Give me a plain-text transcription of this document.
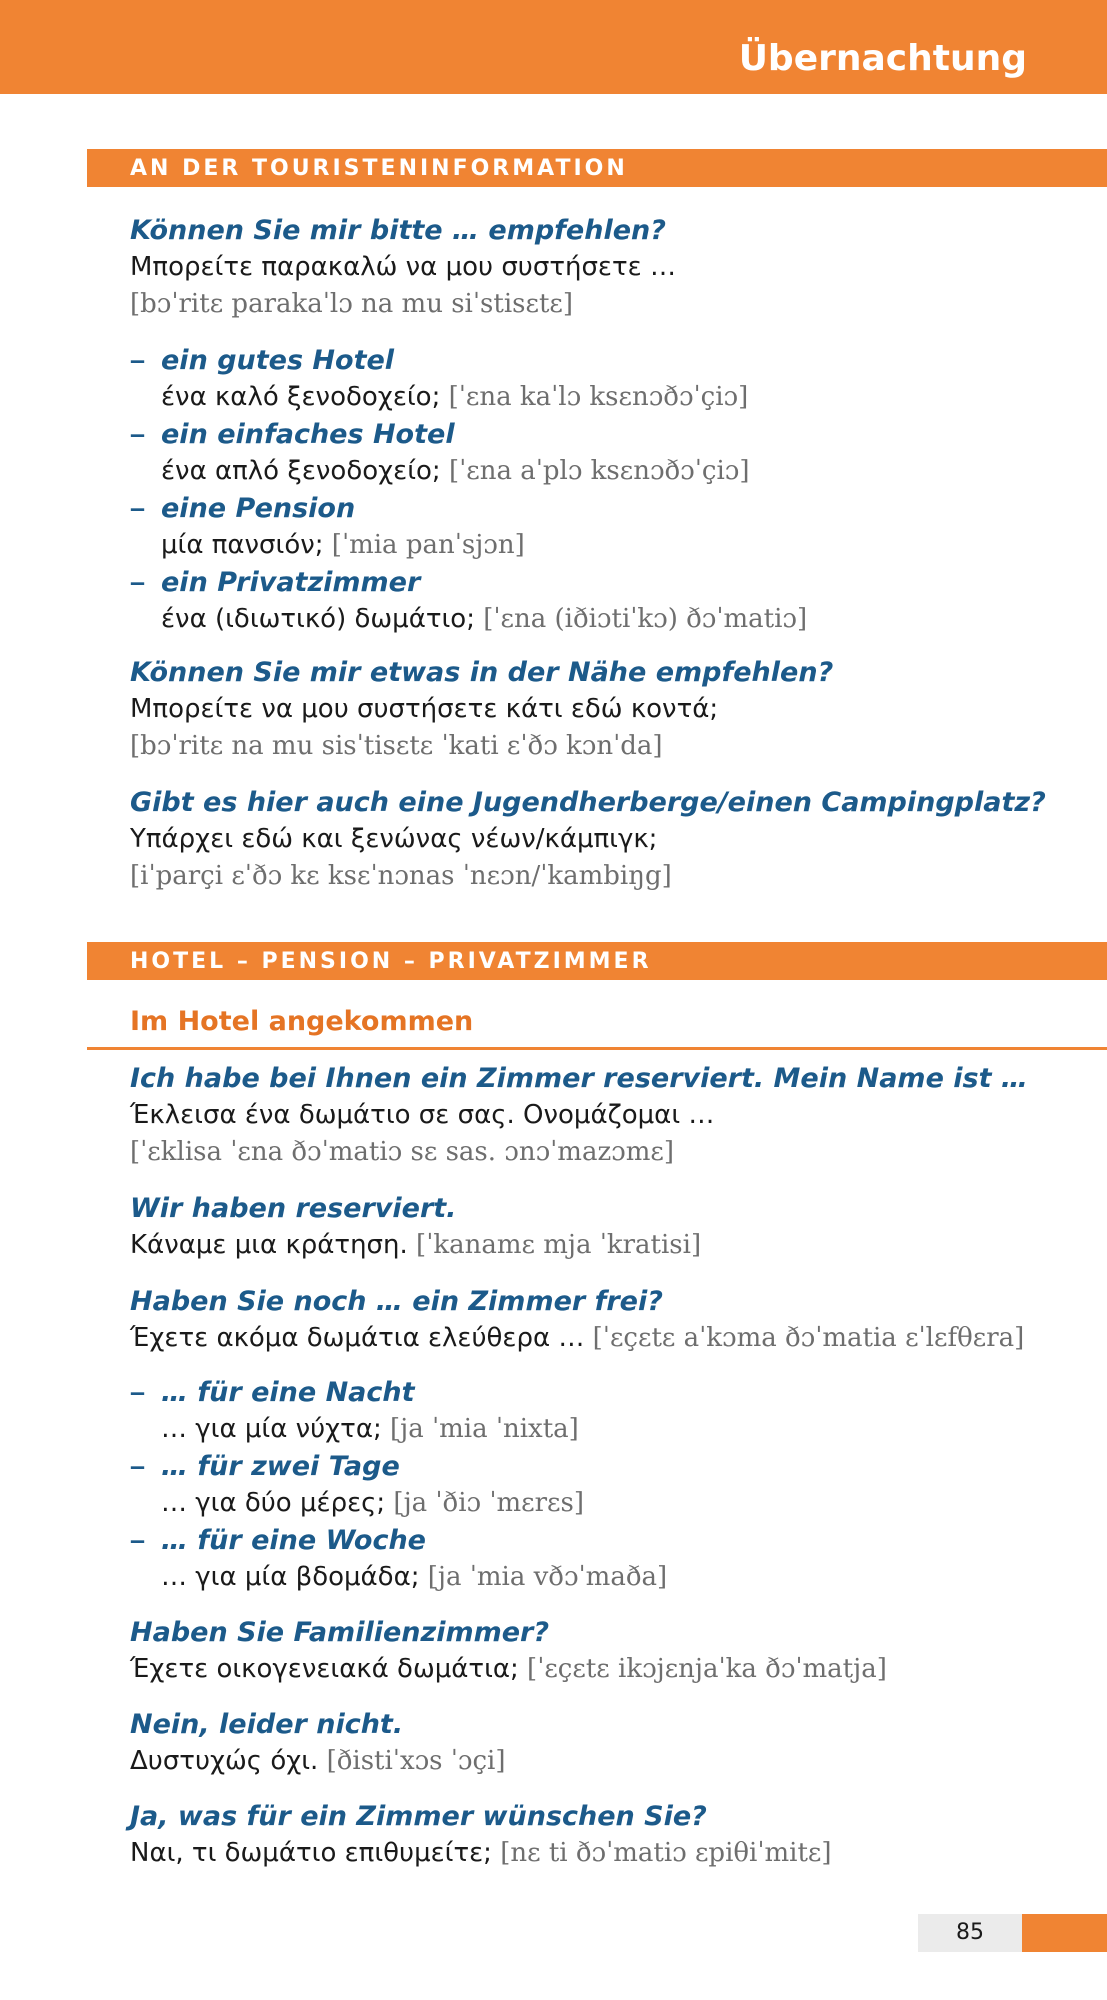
Übernachtung
AN DER TOURISTENINFORMATION
Können Sie mir bitte … empfehlen?
Μπορείτε παρακαλώ να μου συστήσετε …
[bɔˈritɛ parakaˈlɔ na mu siˈstisɛtɛ]
– ein gutes Hotel
ένα καλό ξενοδοχείο; [ˈɛna kaˈlɔ ksɛnɔðɔˈçiɔ]
– ein einfaches Hotel
ένα απλό ξενοδοχείο; [ˈɛna aˈplɔ ksɛnɔðɔˈçiɔ]
– eine Pension
μία πανσιόν; [ˈmia panˈsjɔn]
– ein Privatzimmer
ένα (ιδιωτικό) δωμάτιο; [ˈɛna (iðiɔtiˈkɔ) ðɔˈmatiɔ]
Können Sie mir etwas in der Nähe empfehlen?
Μπορείτε να μου συστήσετε κάτι εδώ κοντά;
[bɔˈritɛ na mu sisˈtisɛtɛ ˈkati ɛˈðɔ kɔnˈda]
Gibt es hier auch eine Jugendherberge/einen Campingplatz?
Υπάρχει εδώ και ξενώνας νέων/κάμπιγκ;
[iˈparçi ɛˈðɔ kɛ ksɛˈnɔnas ˈnɛɔn/ˈkambiŋg]
HOTEL – PENSION – PRIVATZIMMER
Im Hotel angekommen
Ich habe bei Ihnen ein Zimmer reserviert. Mein Name ist …
Έκλεισα ένα δωμάτιο σε σας. Ονομάζομαι …
[ˈɛklisa ˈɛna ðɔˈmatiɔ sɛ sas. ɔnɔˈmazɔmɛ]
Wir haben reserviert.
Κάναμε μια κράτηση. [ˈkanamɛ mja ˈkratisi]
Haben Sie noch … ein Zimmer frei?
Έχετε ακόμα δωμάτια ελεύθερα … [ˈɛçɛtɛ aˈkɔma ðɔˈmatia ɛˈlɛfθɛra]
– … für eine Nacht
… για μία νύχτα; [ja ˈmia ˈnixta]
– … für zwei Tage
… για δύο μέρες; [ja ˈðiɔ ˈmɛrɛs]
– … für eine Woche
… για μία βδομάδα; [ja ˈmia vðɔˈmaða]
Haben Sie Familienzimmer?
Έχετε οικογενειακά δωμάτια; [ˈɛçɛtɛ ikɔjɛnjaˈka ðɔˈmatja]
Nein, leider nicht.
Δυστυχώς όχι. [ðistiˈxɔs ˈɔçi]
Ja, was für ein Zimmer wünschen Sie?
Ναι, τι δωμάτιο επιθυμείτε; [nɛ ti ðɔˈmatiɔ ɛpiθiˈmitɛ]
85
